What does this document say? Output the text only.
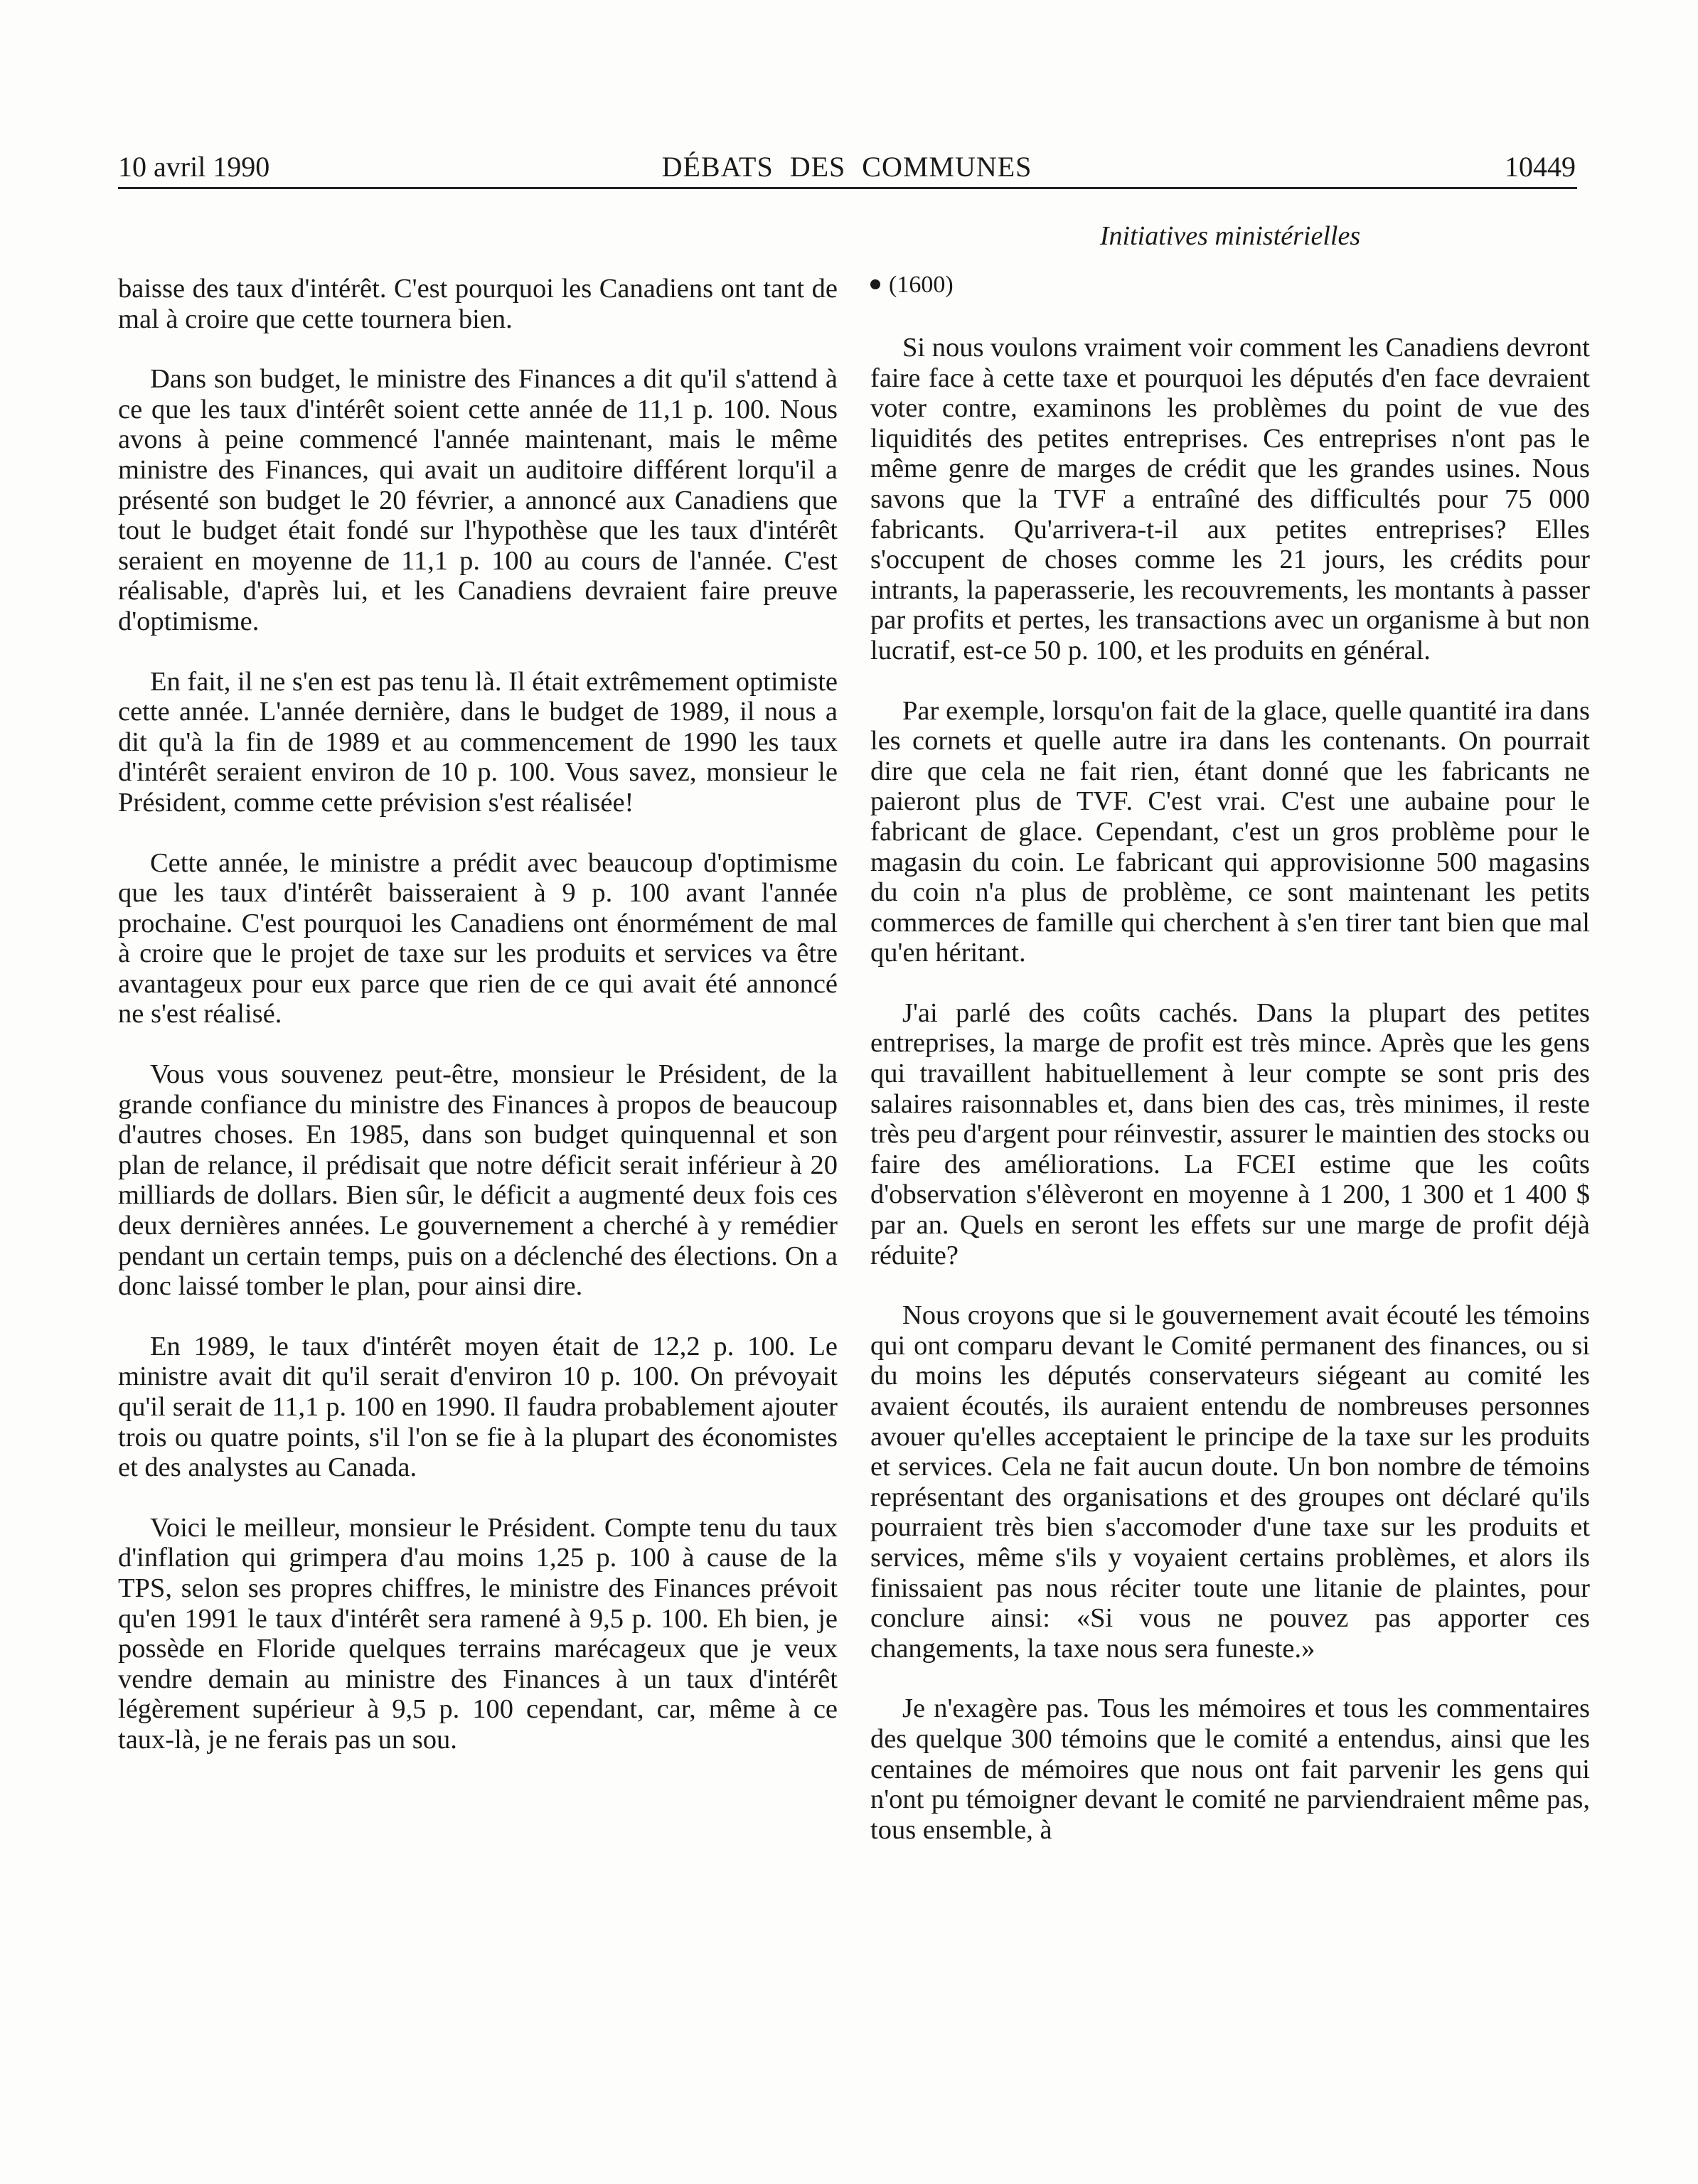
10 avril 1990	DÉBATS DES COMMUNES	10449
Initiatives ministérielles

baisse des taux d'intérêt. C'est pourquoi les Canadiens ont tant de mal à croire que cette tournera bien.

Dans son budget, le ministre des Finances a dit qu'il s'attend à ce que les taux d'intérêt soient cette année de 11,1 p. 100. Nous avons à peine commencé l'année maintenant, mais le même ministre des Finances, qui avait un auditoire différent lorqu'il a présenté son budget le 20 février, a annoncé aux Canadiens que tout le budget était fondé sur l'hypothèse que les taux d'intérêt seraient en moyenne de 11,1 p. 100 au cours de l'année. C'est réalisable, d'après lui, et les Canadiens devraient faire preuve d'optimisme.

En fait, il ne s'en est pas tenu là. Il était extrêmement optimiste cette année. L'année dernière, dans le budget de 1989, il nous a dit qu'à la fin de 1989 et au commencement de 1990 les taux d'intérêt seraient environ de 10 p. 100. Vous savez, monsieur le Président, comme cette prévision s'est réalisée!

Cette année, le ministre a prédit avec beaucoup d'optimisme que les taux d'intérêt baisseraient à 9 p. 100 avant l'année prochaine. C'est pourquoi les Canadiens ont énormément de mal à croire que le projet de taxe sur les produits et services va être avantageux pour eux parce que rien de ce qui avait été annoncé ne s'est réalisé.

Vous vous souvenez peut-être, monsieur le Président, de la grande confiance du ministre des Finances à propos de beaucoup d'autres choses. En 1985, dans son budget quinquennal et son plan de relance, il prédisait que notre déficit serait inférieur à 20 milliards de dollars. Bien sûr, le déficit a augmenté deux fois ces deux dernières années. Le gouvernement a cherché à y remédier pendant un certain temps, puis on a déclenché des élections. On a donc laissé tomber le plan, pour ainsi dire.

En 1989, le taux d'intérêt moyen était de 12,2 p. 100. Le ministre avait dit qu'il serait d'environ 10 p. 100. On prévoyait qu'il serait de 11,1 p. 100 en 1990. Il faudra probablement ajouter trois ou quatre points, s'il l'on se fie à la plupart des économistes et des analystes au Canada.

Voici le meilleur, monsieur le Président. Compte tenu du taux d'inflation qui grimpera d'au moins 1,25 p. 100 à cause de la TPS, selon ses propres chiffres, le ministre des Finances prévoit qu'en 1991 le taux d'intérêt sera ramené à 9,5 p. 100. Eh bien, je possède en Floride quelques terrains marécageux que je veux vendre demain au ministre des Finances à un taux d'intérêt légèrement supérieur à 9,5 p. 100 cependant, car, même à ce taux-là, je ne ferais pas un sou.

(1600)

Si nous voulons vraiment voir comment les Canadiens devront faire face à cette taxe et pourquoi les députés d'en face devraient voter contre, examinons les problèmes du point de vue des liquidités des petites entreprises. Ces entreprises n'ont pas le même genre de marges de crédit que les grandes usines. Nous savons que la TVF a entraîné des difficultés pour 75 000 fabricants. Qu'arrivera-t-il aux petites entreprises? Elles s'occupent de choses comme les 21 jours, les crédits pour intrants, la paperasserie, les recouvrements, les montants à passer par profits et pertes, les transactions avec un organisme à but non lucratif, est-ce 50 p. 100, et les produits en général.

Par exemple, lorsqu'on fait de la glace, quelle quantité ira dans les cornets et quelle autre ira dans les contenants. On pourrait dire que cela ne fait rien, étant donné que les fabricants ne paieront plus de TVF. C'est vrai. C'est une aubaine pour le fabricant de glace. Cependant, c'est un gros problème pour le magasin du coin. Le fabricant qui approvisionne 500 magasins du coin n'a plus de problème, ce sont maintenant les petits commerces de famille qui cherchent à s'en tirer tant bien que mal qu'en héritant.

J'ai parlé des coûts cachés. Dans la plupart des petites entreprises, la marge de profit est très mince. Après que les gens qui travaillent habituellement à leur compte se sont pris des salaires raisonnables et, dans bien des cas, très minimes, il reste très peu d'argent pour réinvestir, assurer le maintien des stocks ou faire des améliorations. La FCEI estime que les coûts d'observation s'élèveront en moyenne à 1 200, 1 300 et 1 400 $ par an. Quels en seront les effets sur une marge de profit déjà réduite?

Nous croyons que si le gouvernement avait écouté les témoins qui ont comparu devant le Comité permanent des finances, ou si du moins les députés conservateurs siégeant au comité les avaient écoutés, ils auraient entendu de nombreuses personnes avouer qu'elles acceptaient le principe de la taxe sur les produits et services. Cela ne fait aucun doute. Un bon nombre de témoins représentant des organisations et des groupes ont déclaré qu'ils pourraient très bien s'accomoder d'une taxe sur les produits et services, même s'ils y voyaient certains problèmes, et alors ils finissaient pas nous réciter toute une litanie de plaintes, pour conclure ainsi: «Si vous ne pouvez pas apporter ces changements, la taxe nous sera funeste.»

Je n'exagère pas. Tous les mémoires et tous les commentaires des quelque 300 témoins que le comité a entendus, ainsi que les centaines de mémoires que nous ont fait parvenir les gens qui n'ont pu témoigner devant le comité ne parviendraient même pas, tous ensemble, à
